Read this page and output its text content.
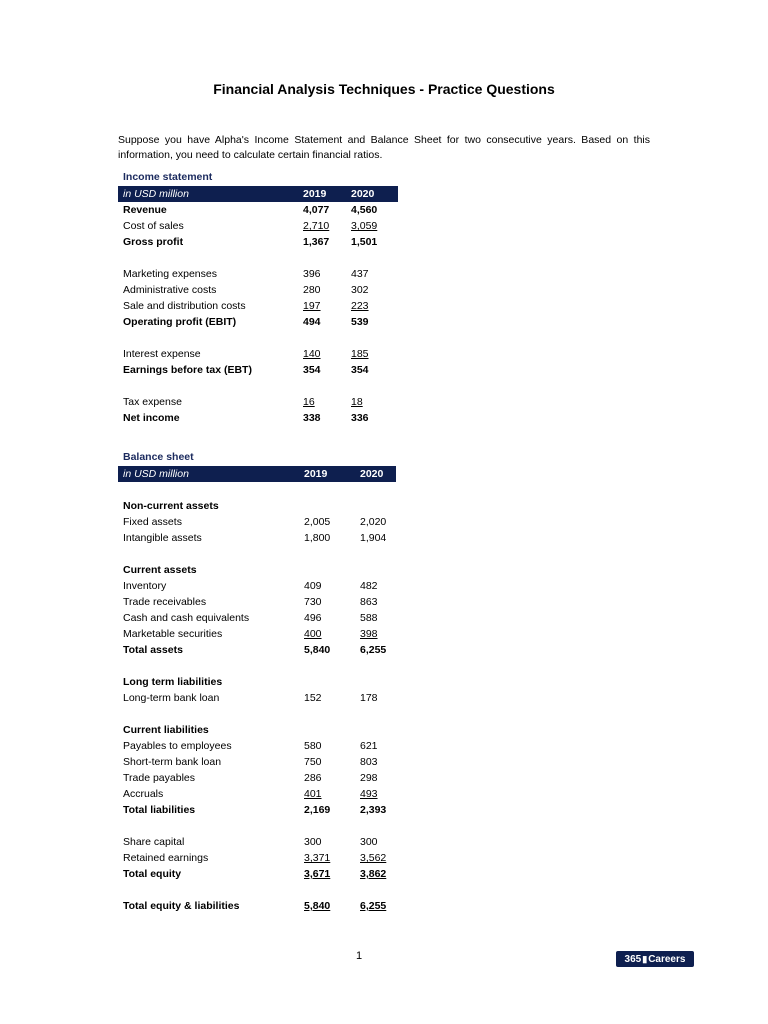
Financial Analysis Techniques - Practice Questions
Suppose you have Alpha's Income Statement and Balance Sheet for two consecutive years. Based on this information, you need to calculate certain financial ratios.
Income statement
in USD million	2019 2020
Revenue	4,077 4,560
Cost of sales	2,710 3,059
Gross profit	1,367 1,501
Marketing expenses	396	437
Administrative costs	280	302
Sale and distribution costs	197	223
Operating profit (EBIT)	494	539
Interest expense	140	185
Earnings before tax (EBT)	354	354
Tax expense	16	18
Net income	338	336
Balance sheet
in USD million	2019	2020
Non-current assets
Fixed assets	2,005	2,020
Intangible assets	1,800	1,904
Current assets
Inventory	409	482
Trade receivables	730	863
Cash and cash equivalents	496	588
Marketable securities	400	398
Total assets	5,840	6,255
Long term liabilities
Long-term bank loan	152	178
Current liabilities
Payables to employees	580	621
Short-term bank loan	750	803
Trade payables	286	298
Accruals	401	493
Total liabilities	2,169	2,393
Share capital	300	300
Retained earnings	3,371	3,562
Total equity	3,671	3,862
Total equity & liabilities	5,840	6,255
1	365▮Careers
